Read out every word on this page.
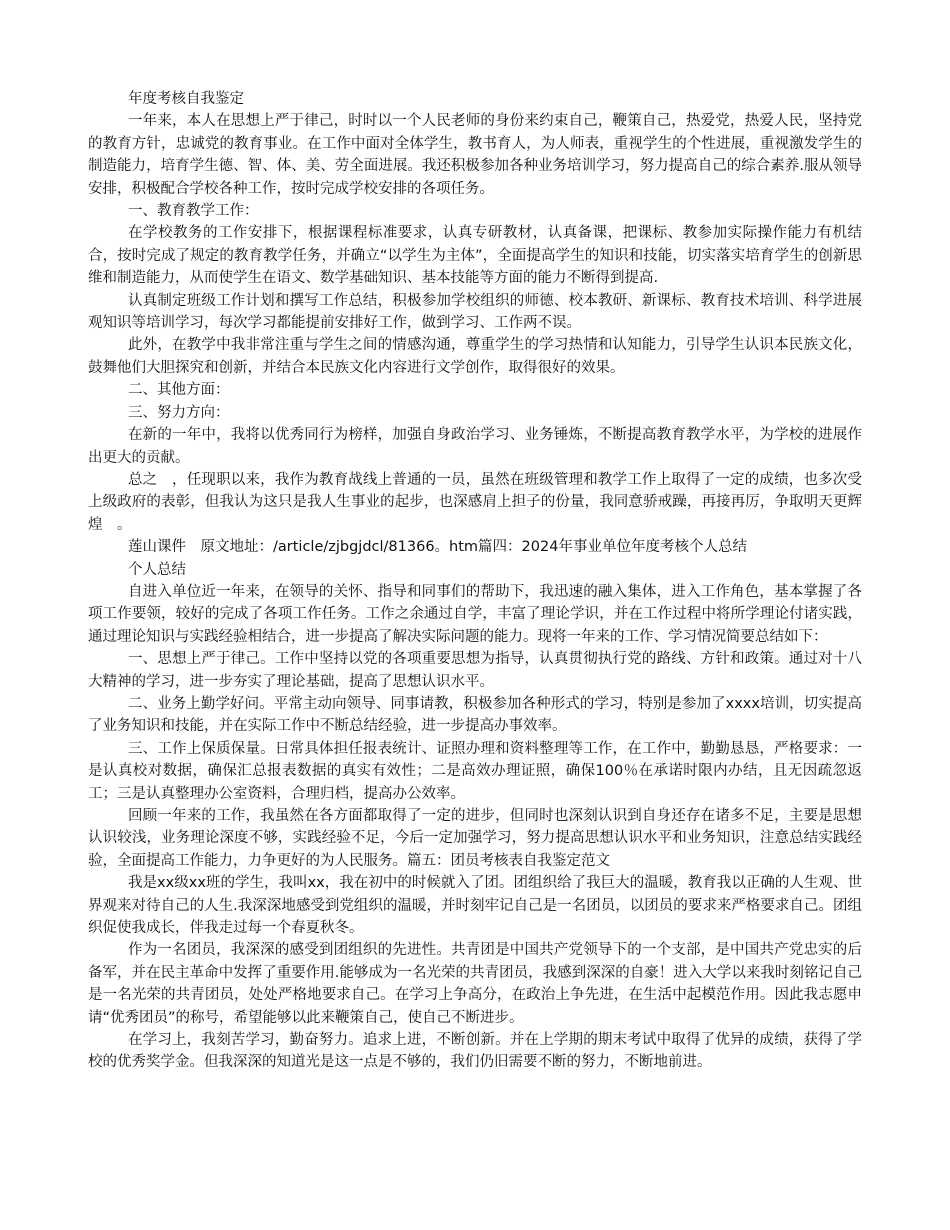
年度考核自我鉴定

一年来，本人在思想上严于律己，时时以一个人民老师的身份来约束自己，鞭策自己，热爱党，热爱人民，坚持党的教育方针，忠诚党的教育事业。在工作中面对全体学生，教书育人，为人师表，重视学生的个性进展，重视激发学生的制造能力，培育学生德、智、体、美、劳全面进展。我还积极参加各种业务培训学习，努力提高自己的综合素养.服从领导安排，积极配合学校各种工作，按时完成学校安排的各项任务。

一、教育教学工作：

在学校教务的工作安排下，根据课程标准要求，认真专研教材，认真备课，把课标、教参加实际操作能力有机结合，按时完成了规定的教育教学任务，并确立“以学生为主体”，全面提高学生的知识和技能，切实落实培育学生的创新思维和制造能力，从而使学生在语文、数学基础知识、基本技能等方面的能力不断得到提高.

认真制定班级工作计划和撰写工作总结，积极参加学校组织的师德、校本教研、新课标、教育技术培训、科学进展观知识等培训学习，每次学习都能提前安排好工作，做到学习、工作两不误。

此外，在教学中我非常注重与学生之间的情感沟通，尊重学生的学习热情和认知能力，引导学生认识本民族文化，鼓舞他们大胆探究和创新，并结合本民族文化内容进行文学创作，取得很好的效果。

二、其他方面：

三、努力方向：

在新的一年中，我将以优秀同行为榜样，加强自身政治学习、业务锤炼，不断提高教育教学水平，为学校的进展作出更大的贡献。

总之　，任现职以来，我作为教育战线上普通的一员，虽然在班级管理和教学工作上取得了一定的成绩，也多次受上级政府的表彰，但我认为这只是我人生事业的起步，也深感肩上担子的份量，我同意骄戒躁，再接再厉，争取明天更辉煌　。

莲山课件　原文地址：/article/zjbgjdcl/81366。htm篇四：2024年事业单位年度考核个人总结

个人总结

自进入单位近一年来，在领导的关怀、指导和同事们的帮助下，我迅速的融入集体，进入工作角色，基本掌握了各项工作要领，较好的完成了各项工作任务。工作之余通过自学，丰富了理论学识，并在工作过程中将所学理论付诸实践，通过理论知识与实践经验相结合，进一步提高了解决实际问题的能力。现将一年来的工作、学习情况简要总结如下：

一、思想上严于律己。工作中坚持以党的各项重要思想为指导，认真贯彻执行党的路线、方针和政策。通过对十八大精神的学习，进一步夯实了理论基础，提高了思想认识水平。

二、业务上勤学好问。平常主动向领导、同事请教，积极参加各种形式的学习，特别是参加了xxxx培训，切实提高了业务知识和技能，并在实际工作中不断总结经验，进一步提高办事效率。

三、工作上保质保量。日常具体担任报表统计、证照办理和资料整理等工作，在工作中，勤勤恳恳，严格要求：一是认真校对数据，确保汇总报表数据的真实有效性；二是高效办理证照，确保100％在承诺时限内办结，且无因疏忽返工；三是认真整理办公室资料，合理归档，提高办公效率。

回顾一年来的工作，我虽然在各方面都取得了一定的进步，但同时也深刻认识到自身还存在诸多不足，主要是思想认识较浅，业务理论深度不够，实践经验不足，今后一定加强学习，努力提高思想认识水平和业务知识，注意总结实践经验，全面提高工作能力，力争更好的为人民服务。篇五：团员考核表自我鉴定范文

我是xx级xx班的学生，我叫xx，我在初中的时候就入了团。团组织给了我巨大的温暖，教育我以正确的人生观、世界观来对待自己的人生.我深深地感受到党组织的温暖，并时刻牢记自己是一名团员，以团员的要求来严格要求自己。团组织促使我成长，伴我走过每一个春夏秋冬。

作为一名团员，我深深的感受到团组织的先进性。共青团是中国共产党领导下的一个支部，是中国共产党忠实的后备军，并在民主革命中发挥了重要作用.能够成为一名光荣的共青团员，我感到深深的自豪！进入大学以来我时刻铭记自己是一名光荣的共青团员，处处严格地要求自己。在学习上争高分，在政治上争先进，在生活中起模范作用。因此我志愿申请“优秀团员”的称号，希望能够以此来鞭策自己，使自己不断进步。

在学习上，我刻苦学习，勤奋努力。追求上进，不断创新。并在上学期的期末考试中取得了优异的成绩，获得了学校的优秀奖学金。但我深深的知道光是这一点是不够的，我们仍旧需要不断的努力，不断地前进。
